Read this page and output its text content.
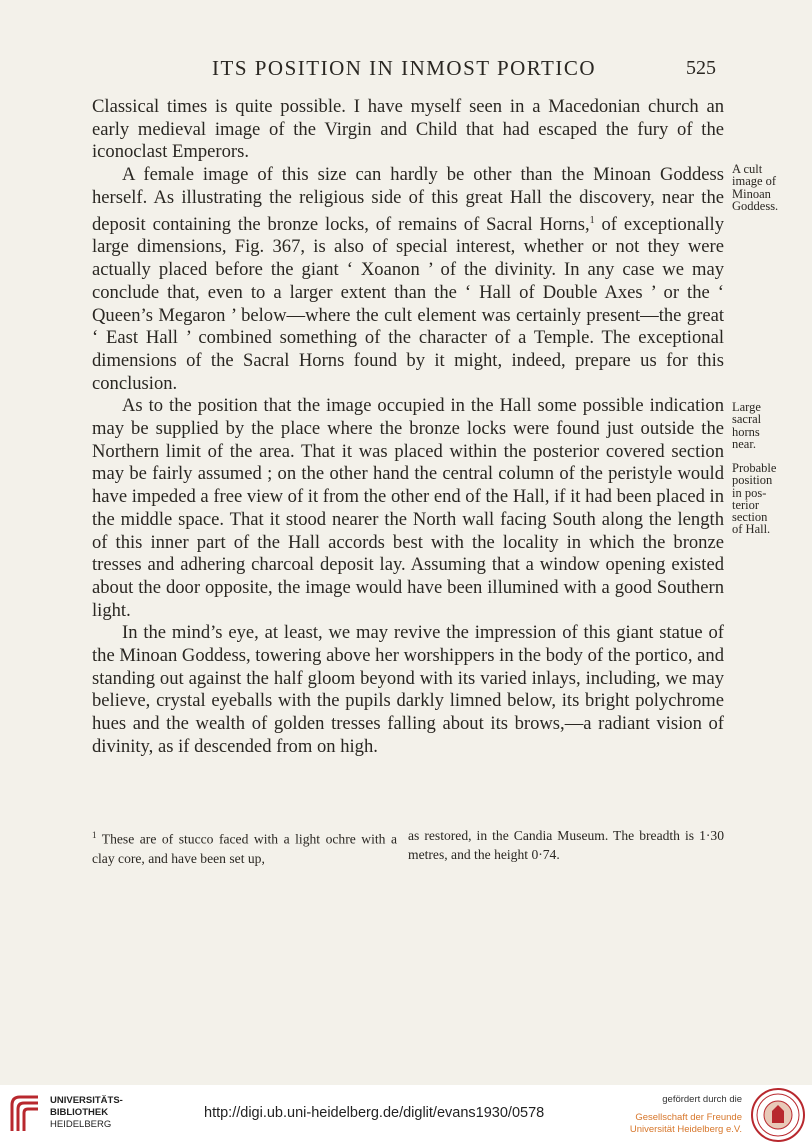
ITS POSITION IN INMOST PORTICO	525

Classical times is quite possible. I have myself seen in a Macedonian church an early medieval image of the Virgin and Child that had escaped the fury of the iconoclast Emperors.

A female image of this size can hardly be other than the Minoan Goddess herself. As illustrating the religious side of this great Hall the discovery, near the deposit containing the bronze locks, of remains of Sacral Horns,$^1$ of exceptionally large dimensions, Fig. 367, is also of special interest, whether or not they were actually placed before the giant ‘ Xoanon ’ of the divinity. In any case we may conclude that, even to a larger extent than the ‘ Hall of Double Axes ’ or the ‘ Queen’s Megaron ’ below—where the cult element was certainly present—the great ‘ East Hall ’ combined something of the character of a Temple. The exceptional dimensions of the Sacral Horns found by it might, indeed, prepare us for this conclusion.

As to the position that the image occupied in the Hall some possible indication may be supplied by the place where the bronze locks were found just outside the Northern limit of the area. That it was placed within the posterior covered section may be fairly assumed ; on the other hand the central column of the peristyle would have impeded a free view of it from the other end of the Hall, if it had been placed in the middle space. That it stood nearer the North wall facing South along the length of this inner part of the Hall accords best with the locality in which the bronze tresses and adhering charcoal deposit lay. Assuming that a window opening existed about the door opposite, the image would have been illumined with a good Southern light.

In the mind’s eye, at least, we may revive the impression of this giant statue of the Minoan Goddess, towering above her worshippers in the body of the portico, and standing out against the half gloom beyond with its varied inlays, including, we may believe, crystal eyeballs with the pupils darkly limned below, its bright polychrome hues and the wealth of golden tresses falling about its brows,—a radiant vision of divinity, as if descended from on high.

A cult
image of
Minoan
Goddess.
Large
sacral
horns
near.
Probable
position
in pos-
terior
section
of Hall.
$^1$ These are of stucco faced with a light ochre with a clay core, and have been set up,
as restored, in the Candia Museum. The breadth is 1·30 metres, and the height 0·74.
UNIVERSITÄTS-
BIBLIOTHEK
HEIDELBERG
http://digi.ub.uni-heidelberg.de/diglit/evans1930/0578
gefördert durch die
Gesellschaft der Freunde
Universität Heidelberg e.V.
